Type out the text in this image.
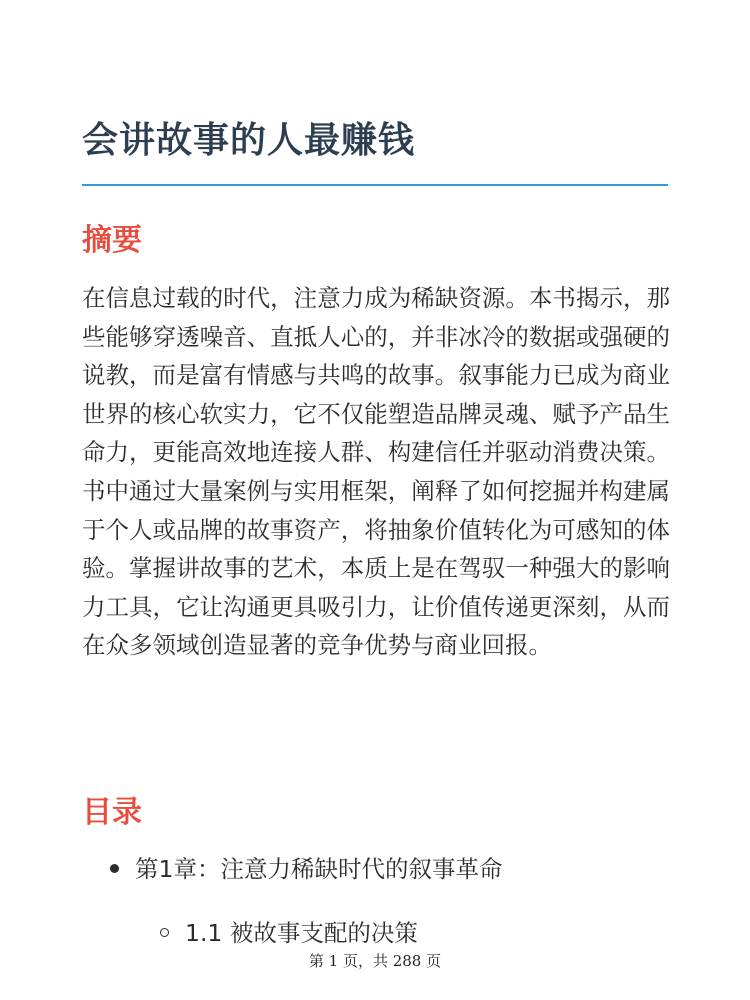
会讲故事的人最赚钱
摘要

在信息过载的时代，注意力成为稀缺资源。本书揭示，那些能够穿透噪音、直抵人心的，并非冰冷的数据或强硬的说教，而是富有情感与共鸣的故事。叙事能力已成为商业世界的核心软实力，它不仅能塑造品牌灵魂、赋予产品生命力，更能高效地连接人群、构建信任并驱动消费决策。书中通过大量案例与实用框架，阐释了如何挖掘并构建属于个人或品牌的故事资产，将抽象价值转化为可感知的体验。掌握讲故事的艺术，本质上是在驾驭一种强大的影响力工具，它让沟通更具吸引力，让价值传递更深刻，从而在众多领域创造显著的竞争优势与商业回报。

目录
第1章：注意力稀缺时代的叙事革命
1.1 被故事支配的决策
第 1 页，共 288 页
